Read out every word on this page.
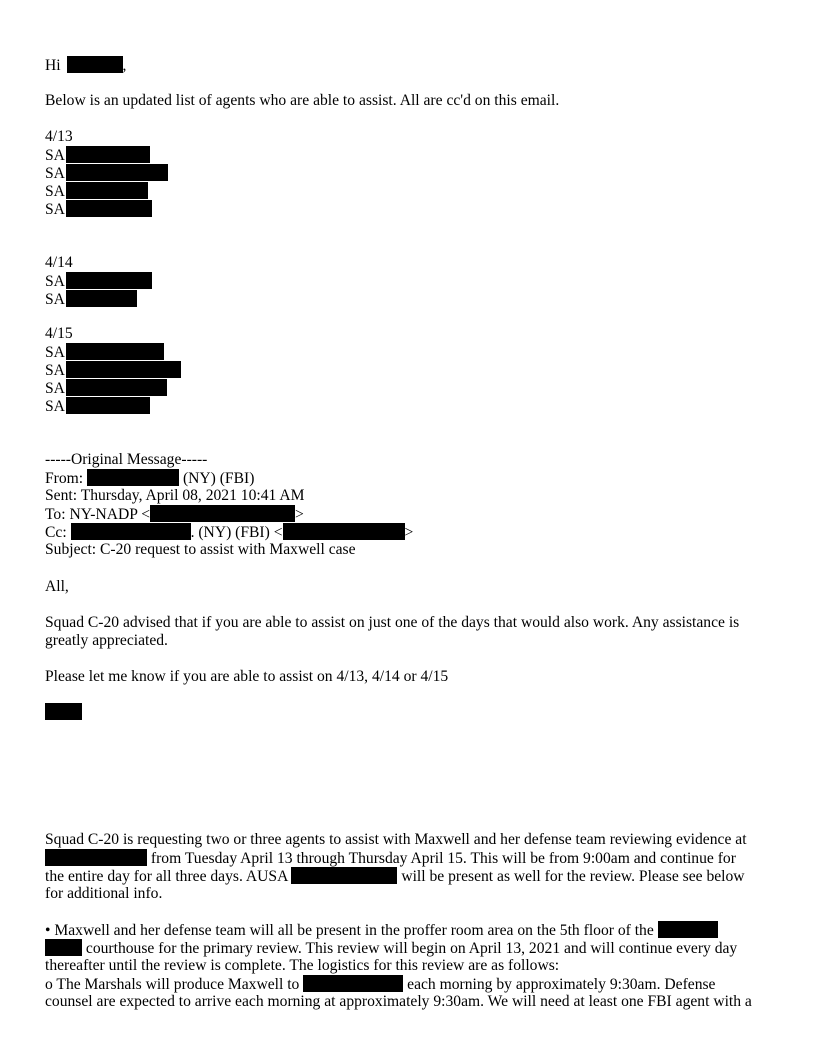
Hi	,
Below is an updated list of agents who are able to assist. All are cc'd on this email.
4/13
SA
SA
SA
SA
4/14
SA
SA
4/15
SA
SA
SA
SA
-----Original Message-----
From:	(NY) (FBI)
Sent: Thursday, April 08, 2021 10:41 AM
To: NY-NADP <	>
Cc:	. (NY) (FBI) <	>
Subject: C-20 request to assist with Maxwell case
All,
Squad C-20 advised that if you are able to assist on just one of the days that would also work. Any assistance is greatly appreciated.
Please let me know if you are able to assist on 4/13, 4/14 or 4/15
Squad C-20 is requesting two or three agents to assist with Maxwell and her defense team reviewing evidence at
from Tuesday April 13 through Thursday April 15. This will be from 9:00am and continue for
the entire day for all three days. AUSA	will be present as well for the review. Please see below
for additional info.
• Maxwell and her defense team will all be present in the proffer room area on the 5th floor of the
courthouse for the primary review. This review will begin on April 13, 2021 and will continue every day
thereafter until the review is complete. The logistics for this review are as follows:
o The Marshals will produce Maxwell to	each morning by approximately 9:30am. Defense
counsel are expected to arrive each morning at approximately 9:30am. We will need at least one FBI agent with a
